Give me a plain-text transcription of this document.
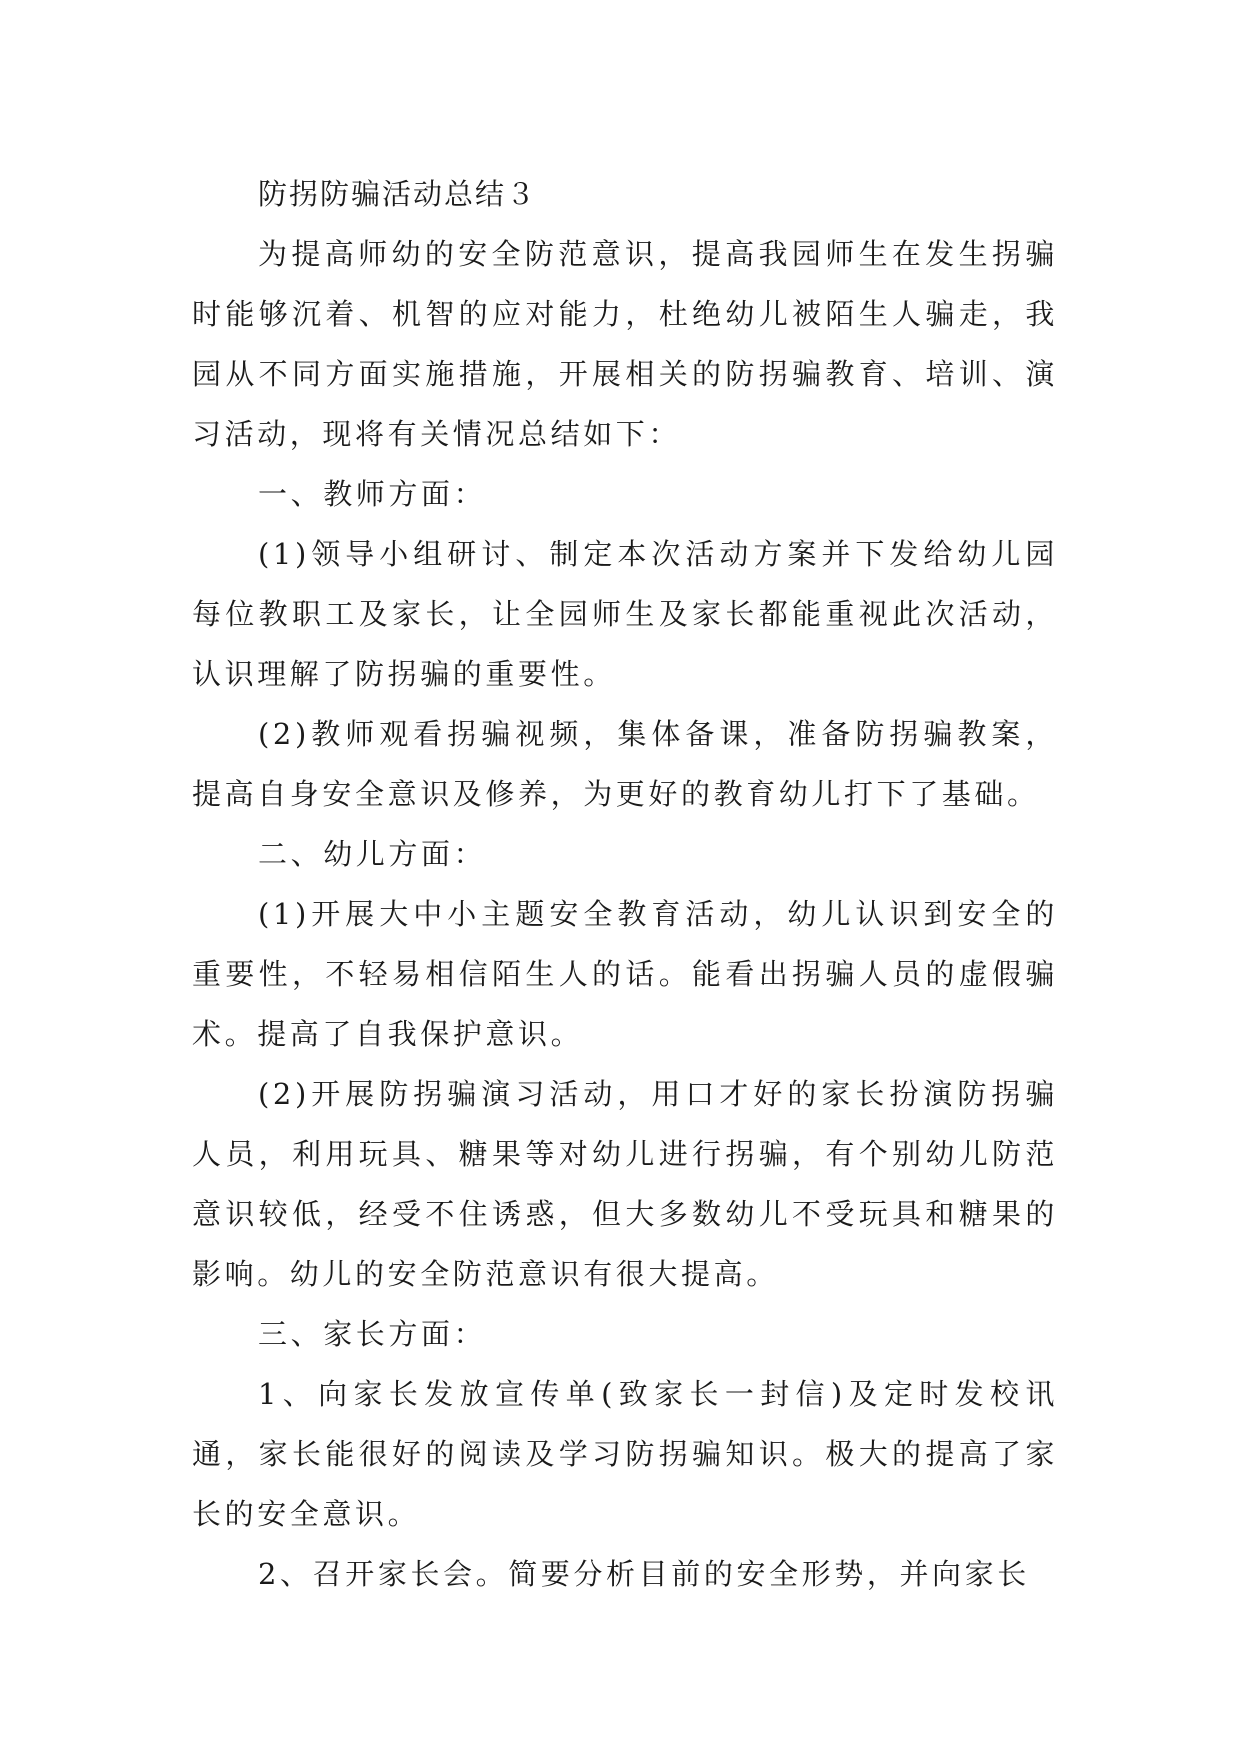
防拐防骗活动总结３

为提高师幼的安全防范意识，提高我园师生在发生拐骗时能够沉着、机智的应对能力，杜绝幼儿被陌生人骗走，我园从不同方面实施措施，开展相关的防拐骗教育、培训、演习活动，现将有关情况总结如下：

一、教师方面：

(1)领导小组研讨、制定本次活动方案并下发给幼儿园每位教职工及家长，让全园师生及家长都能重视此次活动，认识理解了防拐骗的重要性。

(2)教师观看拐骗视频，集体备课，准备防拐骗教案，提高自身安全意识及修养，为更好的教育幼儿打下了基础。

二、幼儿方面：

(1)开展大中小主题安全教育活动，幼儿认识到安全的重要性，不轻易相信陌生人的话。能看出拐骗人员的虚假骗术。提高了自我保护意识。

(2)开展防拐骗演习活动，用口才好的家长扮演防拐骗人员，利用玩具、糖果等对幼儿进行拐骗，有个别幼儿防范意识较低，经受不住诱惑，但大多数幼儿不受玩具和糖果的影响。幼儿的安全防范意识有很大提高。

三、家长方面：

1、向家长发放宣传单(致家长一封信)及定时发校讯通，家长能很好的阅读及学习防拐骗知识。极大的提高了家长的安全意识。

2、召开家长会。简要分析目前的安全形势，并向家长
